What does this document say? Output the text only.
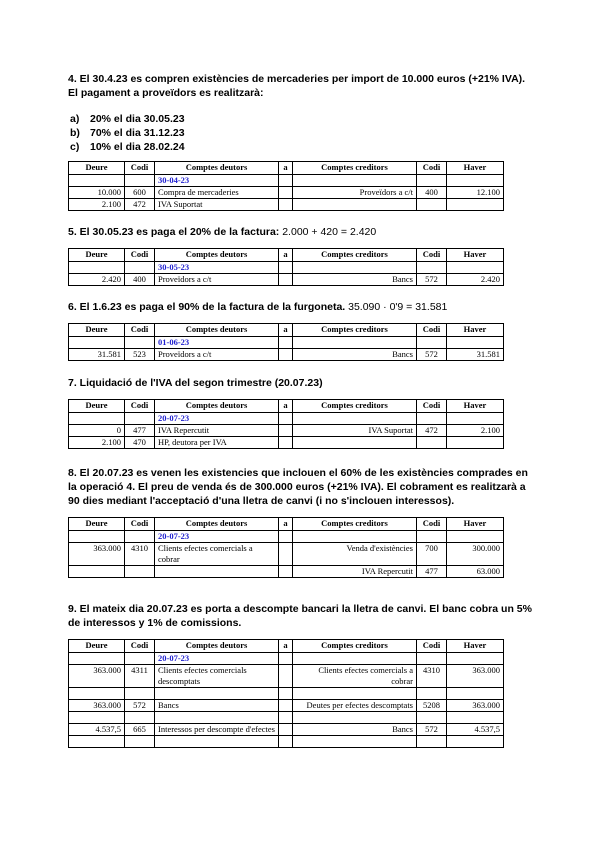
4. El 30.4.23 es compren existències de mercaderies per import de 10.000 euros (+21% IVA). El pagament a proveïdors es realitzarà:

a)	20% el dia 30.05.23
b) 70% el dia 31.12.23
c)	10% el dia 28.02.24
Deure	Codi	Comptes deutors	a	Comptes creditors	Codi	Haver
		30-04-23				
10.000	600	Compra de mercaderies		Proveïdors a c/t	400	12.100
2.100	472	IVA Suportat				

5. El 30.05.23 es paga el 20% de la factura: 2.000 + 420 = 2.420

Deure	Codi	Comptes deutors	a	Comptes creditors	Codi	Haver
		30-05-23				
2.420	400	Proveïdors a c/t		Bancs	572	2.420

6. El 1.6.23 es paga el 90% de la factura de la furgoneta. 35.090 · 0'9 = 31.581

Deure	Codi	Comptes deutors	a	Comptes creditors	Codi	Haver
		01-06-23				
31.581	523	Proveïdors a c/t		Bancs	572	31.581

7. Liquidació de l'IVA del segon trimestre (20.07.23)

Deure	Codi	Comptes deutors	a	Comptes creditors	Codi	Haver
		20-07-23				
0	477	IVA Repercutit		IVA Suportat	472	2.100
2.100	470	HP, deutora per IVA				

8. El 20.07.23 es venen les existencies que inclouen el 60% de les existències comprades en la operació 4. El preu de venda és de 300.000 euros (+21% IVA). El cobrament es realitzarà a 90 dies mediant l'acceptació d'una lletra de canvi (i no s'inclouen interessos).

Deure	Codi	Comptes deutors	a	Comptes creditors	Codi	Haver
		20-07-23				
363.000	4310	Clients efectes comercials a cobrar		Venda d'existències	700	300.000
				IVA Repercutit	477	63.000

9. El mateix dia 20.07.23 es porta a descompte bancari la lletra de canvi. El banc cobra un 5% de interessos y 1% de comissions.

Deure	Codi	Comptes deutors	a	Comptes creditors	Codi	Haver
		20-07-23				
363.000	4311	Clients efectes comercials descomptats		Clients efectes comercials a cobrar	4310	363.000

363.000	572	Bancs		Deutes per efectes descomptats	5208	363.000

4.537,5	665	Interessos per descompte d'efectes		Bancs	572	4.537,5
